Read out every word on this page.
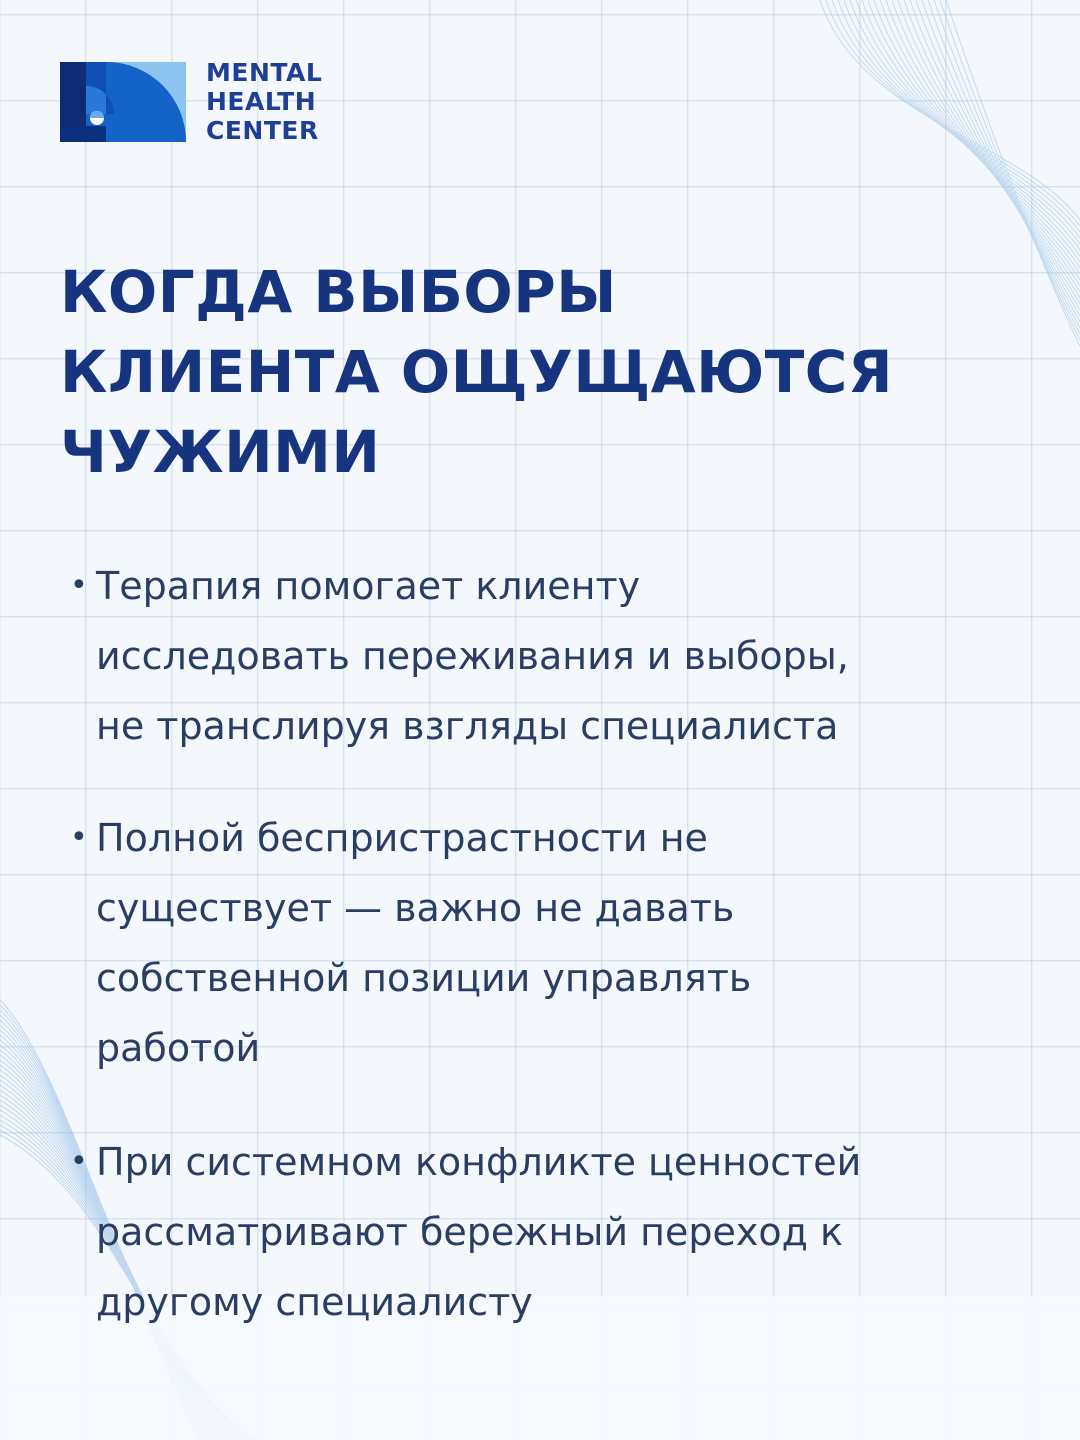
MENTAL
HEALTH
CENTER
КОГДА ВЫБОРЫ
КЛИЕНТА ОЩУЩАЮТСЯ
ЧУЖИМИ
• Терапия помогает клиенту
исследовать переживания и выборы,
не транслируя взгляды специалиста
• Полной беспристрастности не
существует — важно не давать
собственной позиции управлять
работой
• При системном конфликте ценностей
рассматривают бережный переход к
другому специалисту
